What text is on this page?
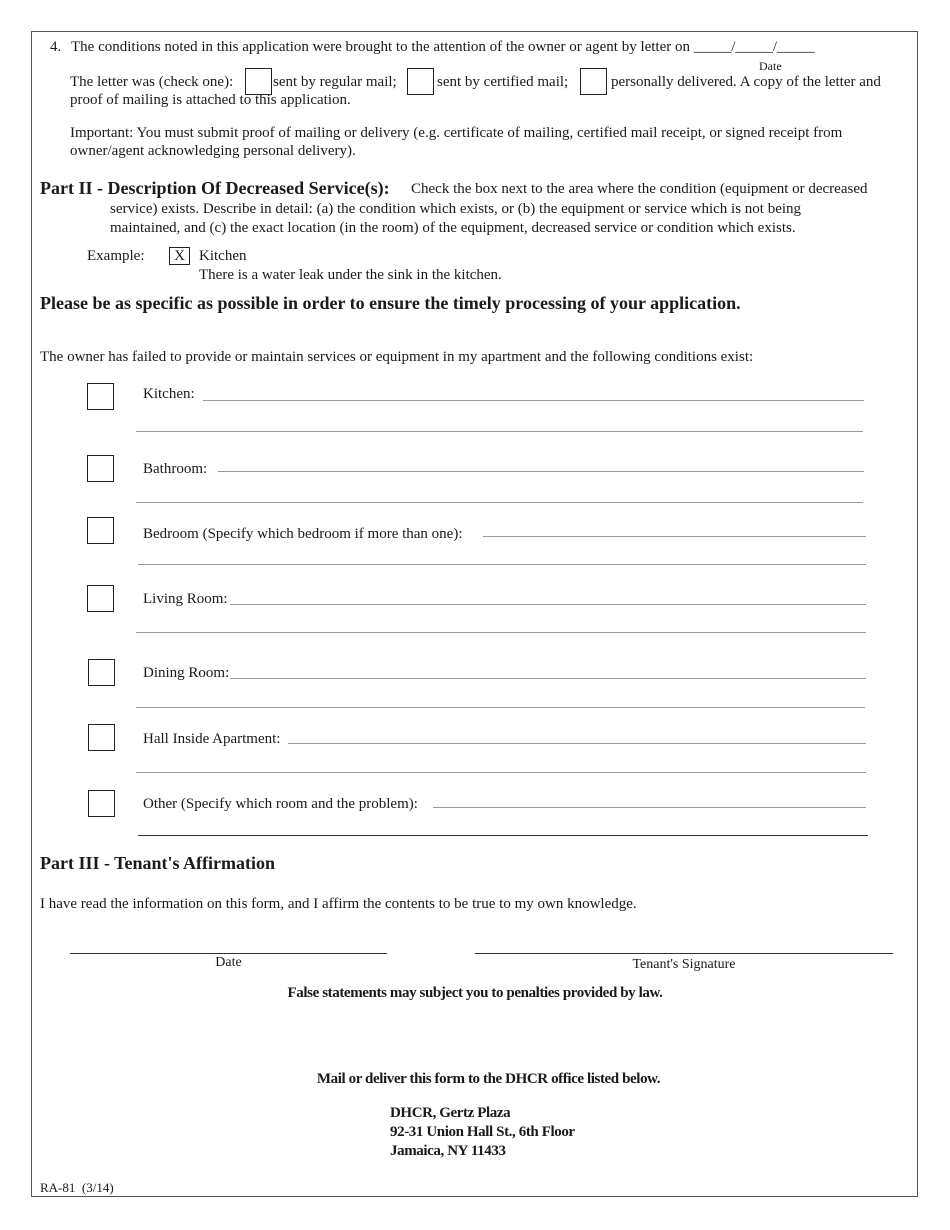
4. The conditions noted in this application were brought to the attention of the owner or agent by letter on _____/_____/_____
Date
The letter was (check one):	sent by regular mail;	sent by certified mail;	personally delivered. A copy of the letter and
proof of mailing is attached to this application.
Important: You must submit proof of mailing or delivery (e.g. certificate of mailing, certified mail receipt, or signed receipt from
owner/agent acknowledging personal delivery).
Part II - Description Of Decreased Service(s): Check the box next to the area where the condition (equipment or decreased
service) exists. Describe in detail: (a) the condition which exists, or (b) the equipment or service which is not being
maintained, and (c) the exact location (in the room) of the equipment, decreased service or condition which exists.
Example:	X Kitchen
There is a water leak under the sink in the kitchen.
Please be as specific as possible in order to ensure the timely processing of your application.
The owner has failed to provide or maintain services or equipment in my apartment and the following conditions exist:
Kitchen:
Bathroom:
Bedroom (Specify which bedroom if more than one):
Living Room:
Dining Room:
Hall Inside Apartment:
Other (Specify which room and the problem):
Part III - Tenant's Affirmation
I have read the information on this form, and I affirm the contents to be true to my own knowledge.
Date	Tenant's Signature
False statements may subject you to penalties provided by law.
Mail or deliver this form to the DHCR office listed below.
DHCR, Gertz Plaza
92-31 Union Hall St., 6th Floor
Jamaica, NY 11433
RA-81  (3/14)
